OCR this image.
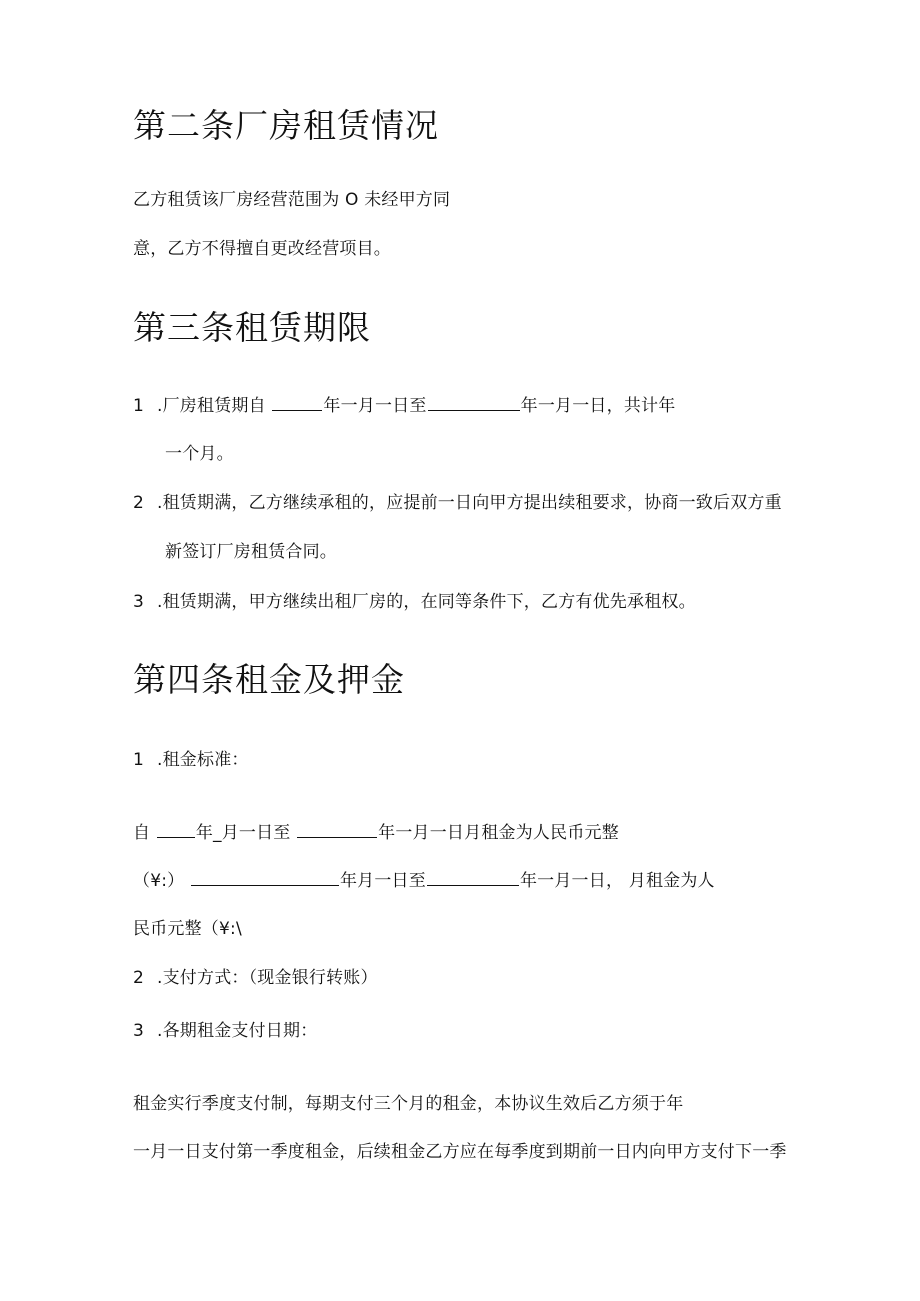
第二条厂房租赁情况
乙方租赁该厂房经营范围为 O 未经甲方同
意，乙方不得擅自更改经营项目。
第三条租赁期限
1 .厂房租赁期自	年一月一日至	年一月一日，共计年
一个月。
2 .租赁期满，乙方继续承租的，应提前一日向甲方提出续租要求，协商一致后双方重
新签订厂房租赁合同。
3 .租赁期满，甲方继续出租厂房的，在同等条件下，乙方有优先承租权。
第四条租金及押金
1 .租金标准：
自	年_月一日至	年一月一日月租金为人民币元整
（¥:）	年月一日至	年一月一日， 月租金为人
民币元整（¥:\
2 .支付方式：（现金银行转账）
3 .各期租金支付日期：
租金实行季度支付制，每期支付三个月的租金，本协议生效后乙方须于年
一月一日支付第一季度租金，后续租金乙方应在每季度到期前一日内向甲方支付下一季
